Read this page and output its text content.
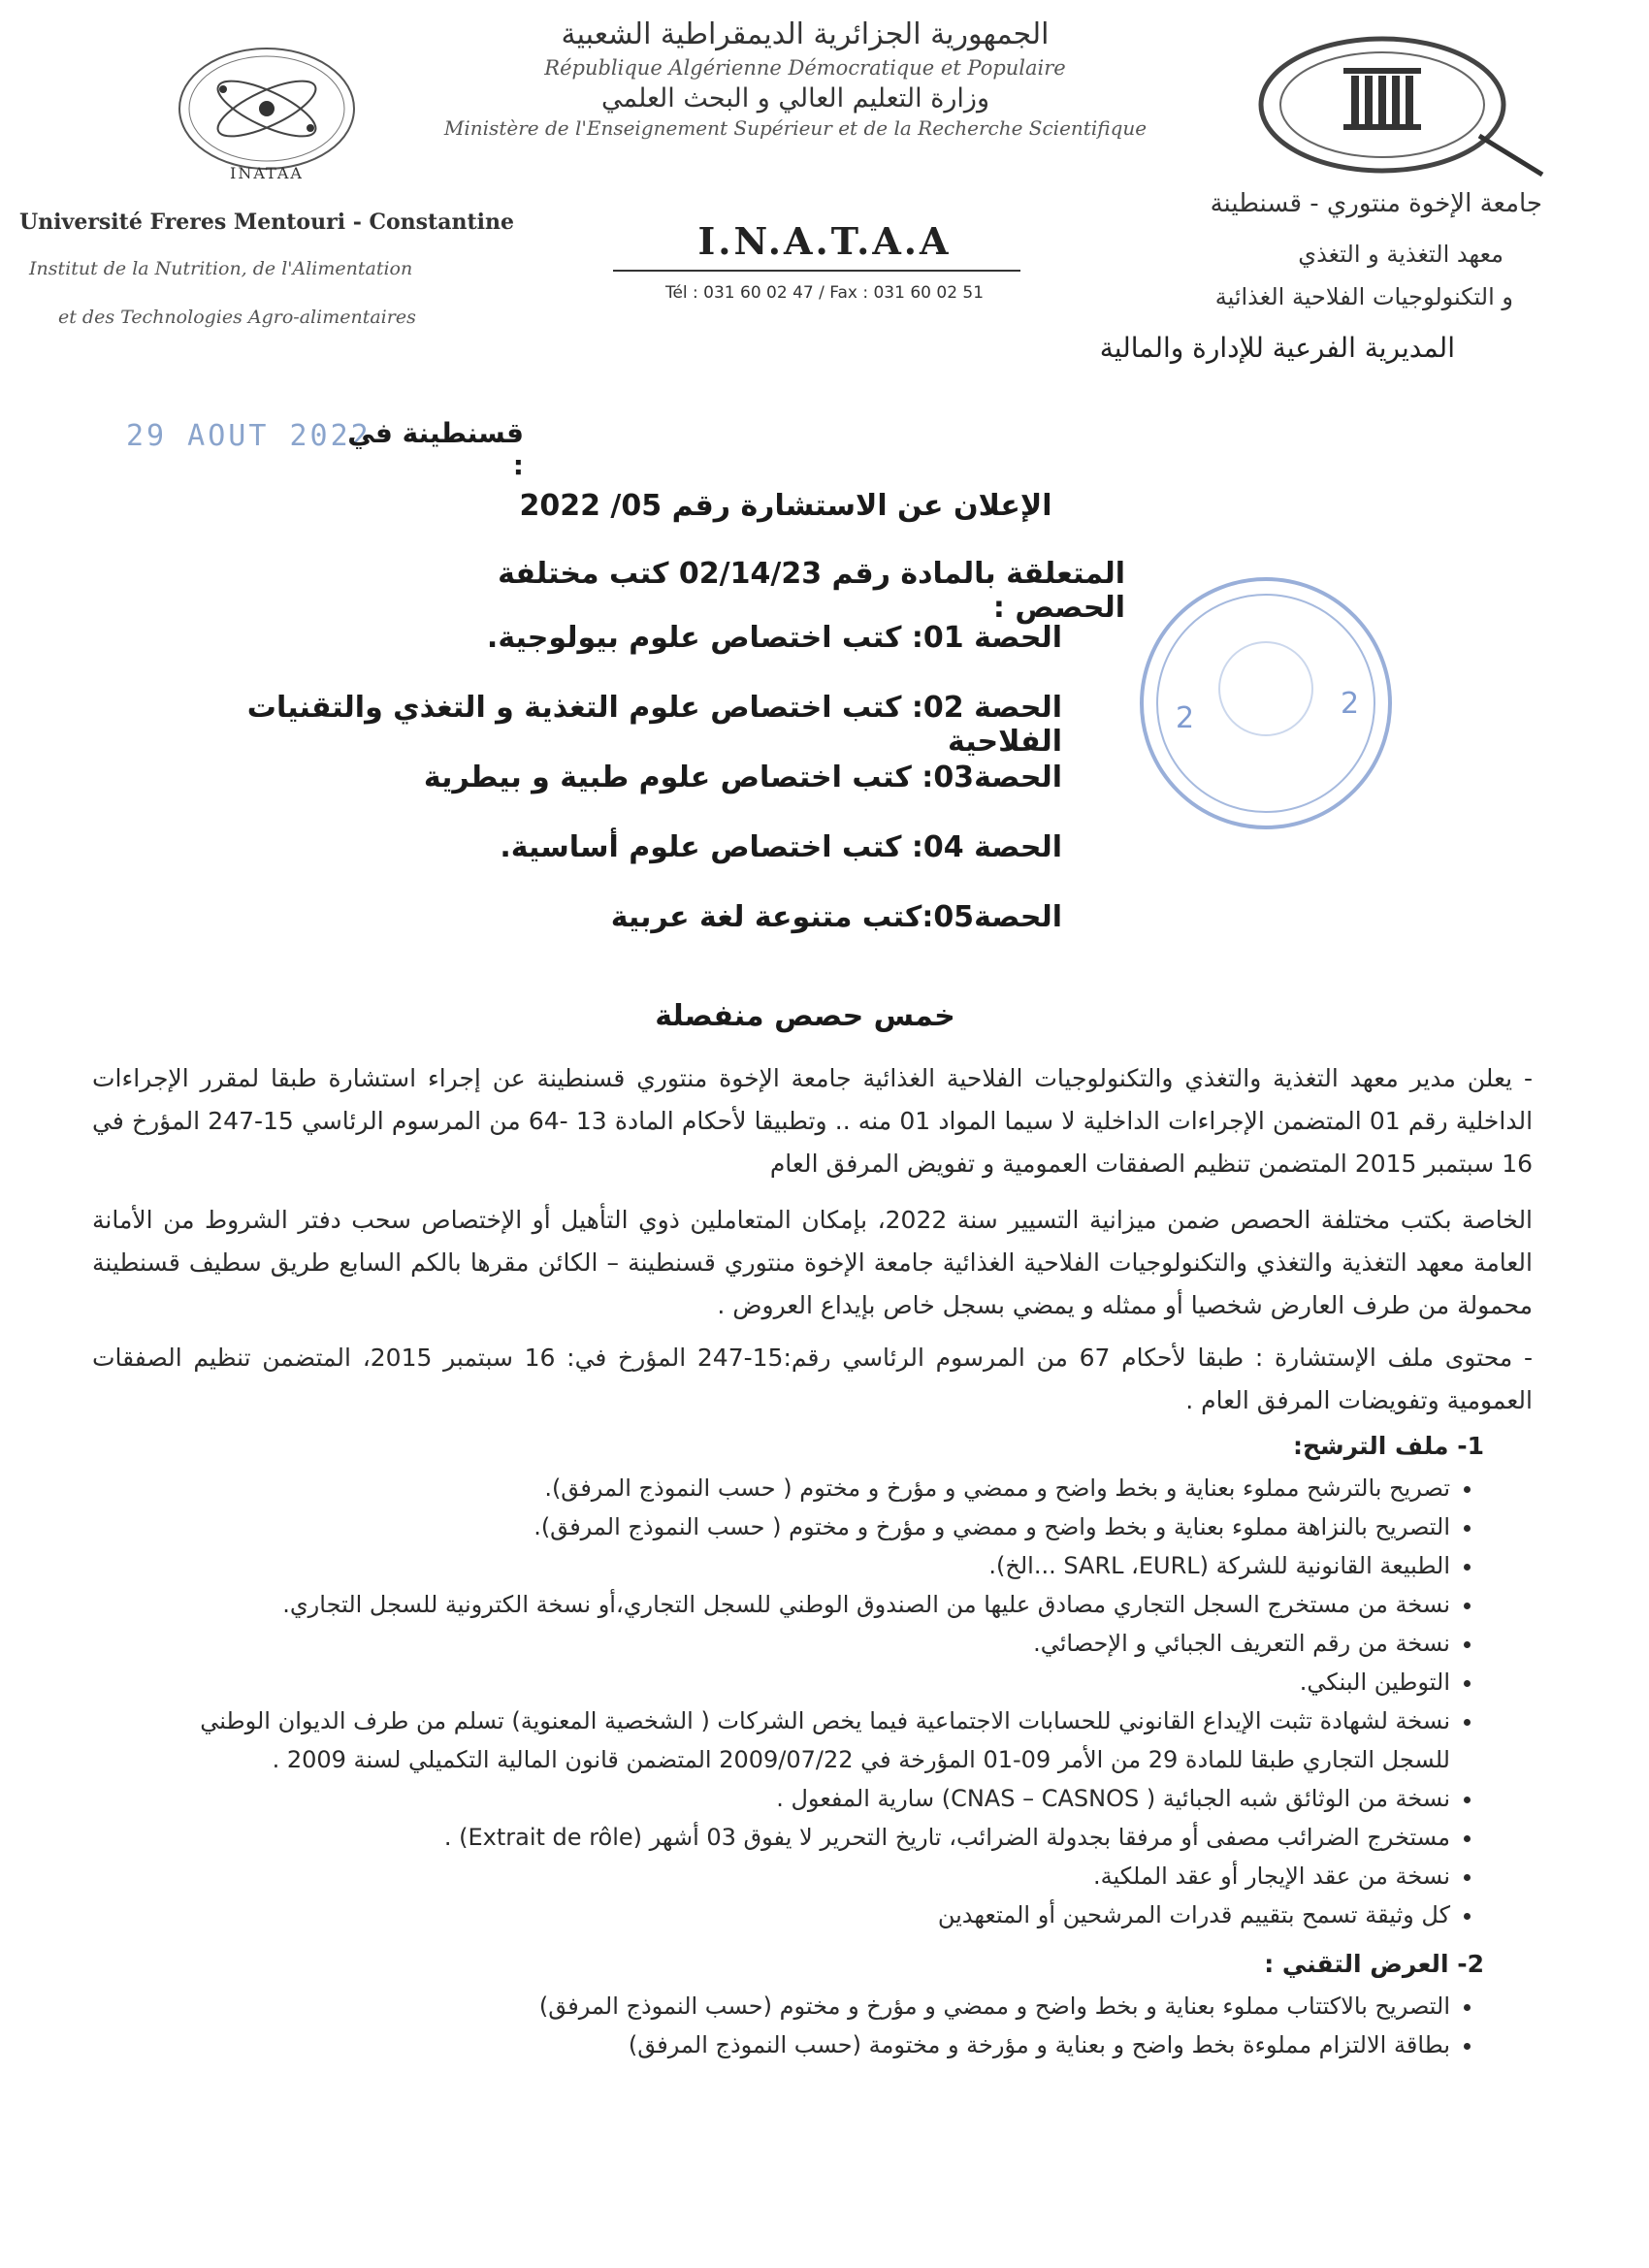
الجمهورية الجزائرية الديمقراطية الشعبية
République Algérienne Démocratique et Populaire
وزارة التعليم العالي و البحث العلمي
Ministère de l'Enseignement Supérieur et de la Recherche Scientifique
INATAA
Université Freres Mentouri - Constantine
Institut de la Nutrition, de l'Alimentation
et des Technologies Agro-alimentaires
I.N.A.T.A.A
Tél : 031 60 02 47 / Fax : 031 60 02 51
جامعة الإخوة منتوري - قسنطينة
معهد التغذية و التغذي
و التكنولوجيات الفلاحية الغذائية
المديرية الفرعية للإدارة والمالية
29 AOUT 2022
قسنطينة في :
الإعلان عن الاستشارة رقم 05/ 2022
المتعلقة بالمادة رقم 02/14/23 كتب مختلفة الحصص :
الحصة 01: كتب اختصاص علوم بيولوجية.
الحصة 02: كتب اختصاص علوم التغذية و التغذي والتقنيات الفلاحية
الحصة03: كتب اختصاص علوم طبية و بيطرية
الحصة 04: كتب اختصاص علوم أساسية.
الحصة05:كتب متنوعة لغة عربية
2	2
خمس حصص منفصلة
- يعلن مدير معهد التغذية والتغذي والتكنولوجيات الفلاحية الغذائية جامعة الإخوة منتوري قسنطينة عن إجراء استشارة طبقا لمقرر الإجراءات الداخلية رقم 01 المتضمن الإجراءات الداخلية لا سيما المواد 01 منه .. وتطبيقا لأحكام المادة 13 -64 من المرسوم الرئاسي 15-247 المؤرخ في 16 سبتمبر 2015 المتضمن تنظيم الصفقات العمومية و تفويض المرفق العام
الخاصة بكتب مختلفة الحصص ضمن ميزانية التسيير سنة 2022، بإمكان المتعاملين ذوي التأهيل أو الإختصاص سحب دفتر الشروط من الأمانة العامة معهد التغذية والتغذي والتكنولوجيات الفلاحية الغذائية جامعة الإخوة منتوري قسنطينة – الكائن مقرها بالكم السابع طريق سطيف قسنطينة محمولة من طرف العارض شخصيا أو ممثله و يمضي بسجل خاص بإيداع العروض .
- محتوى ملف الإستشارة : طبقا لأحكام 67 من المرسوم الرئاسي رقم:15-247 المؤرخ في: 16 سبتمبر 2015، المتضمن تنظيم الصفقات العمومية وتفويضات المرفق العام .
1- ملف الترشح:
• تصريح بالترشح مملوء بعناية و بخط واضح و ممضي و مؤرخ و مختوم ( حسب النموذج المرفق).
• التصريح بالنزاهة مملوء بعناية و بخط واضح و ممضي و مؤرخ و مختوم ( حسب النموذج المرفق).
• الطبيعة القانونية للشركة (SARL ،EURL ...الخ).
• نسخة من مستخرج السجل التجاري مصادق عليها من الصندوق الوطني للسجل التجاري،أو نسخة الكترونية للسجل التجاري.
• نسخة من رقم التعريف الجبائي و الإحصائي.
• التوطين البنكي.
• نسخة لشهادة تثبت الإيداع القانوني للحسابات الاجتماعية فيما يخص الشركات ( الشخصية المعنوية) تسلم من طرف الديوان الوطني للسجل التجاري طبقا للمادة 29 من الأمر 09-01 المؤرخة في 2009/07/22 المتضمن قانون المالية التكميلي لسنة 2009 .
• نسخة من الوثائق شبه الجبائية ( CNAS – CASNOS) سارية المفعول .
• مستخرج الضرائب مصفى أو مرفقا بجدولة الضرائب، تاريخ التحرير لا يفوق 03 أشهر (Extrait de rôle) .
• نسخة من عقد الإيجار أو عقد الملكية.
• كل وثيقة تسمح بتقييم قدرات المرشحين أو المتعهدين
2- العرض التقني :
• التصريح بالاكتتاب مملوء بعناية و بخط واضح و ممضي و مؤرخ و مختوم (حسب النموذج المرفق)
• بطاقة الالتزام مملوءة بخط واضح و بعناية و مؤرخة و مختومة (حسب النموذج المرفق)
